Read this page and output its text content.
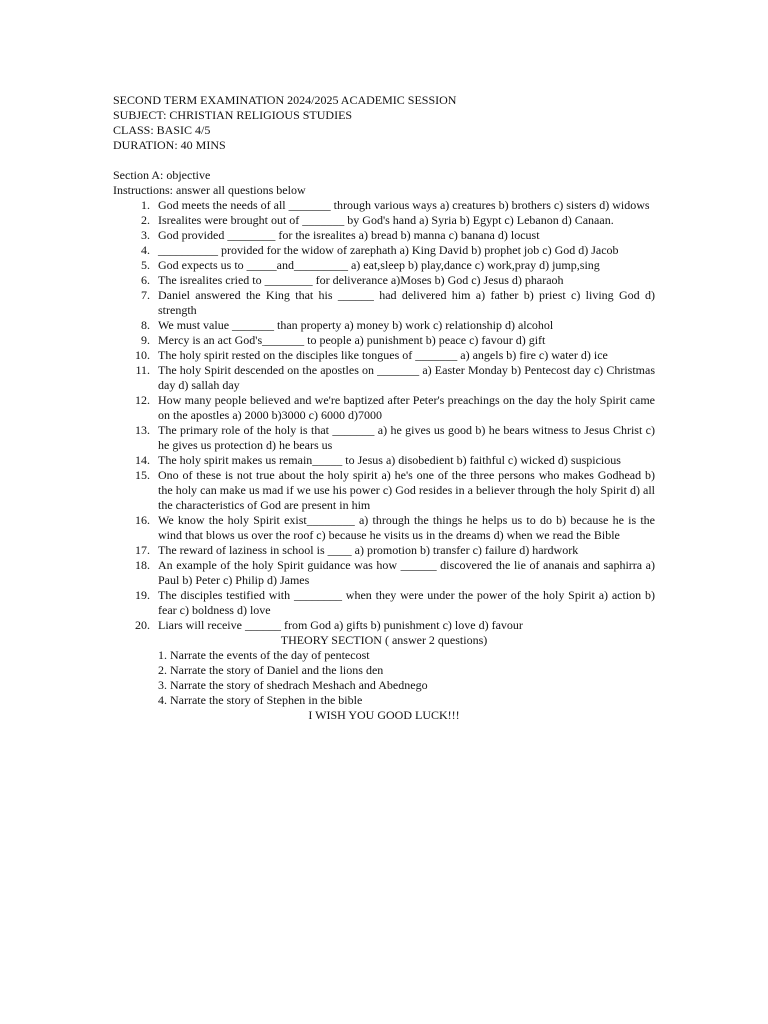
SECOND TERM EXAMINATION 2024/2025 ACADEMIC SESSION
SUBJECT: CHRISTIAN RELIGIOUS STUDIES
CLASS: BASIC 4/5
DURATION: 40 MINS
Section A: objective
Instructions: answer all questions below
1. God meets the needs of all _______ through various ways a) creatures b) brothers c) sisters d) widows
2. Isrealites were brought out of _______ by God's hand a) Syria b) Egypt c) Lebanon d) Canaan.
3. God provided ________ for the isrealites a) bread b) manna c) banana d) locust
4. __________ provided for the widow of zarephath a) King David b) prophet job c) God d) Jacob
5. God expects us to _____and_________ a) eat,sleep b) play,dance c) work,pray d) jump,sing
6. The isrealites cried to ________ for deliverance a)Moses b) God c) Jesus d) pharaoh
7. Daniel answered the King that his ______ had delivered him a) father b) priest c) living God d) strength
8. We must value _______ than property a) money b) work c) relationship d) alcohol
9. Mercy is an act God's_______ to people a) punishment b) peace c) favour d) gift
10. The holy spirit rested on the disciples like tongues of _______ a) angels b) fire c) water d) ice
11. The holy Spirit descended on the apostles on _______ a) Easter Monday b) Pentecost day c) Christmas day d) sallah day
12. How many people believed and we're baptized after Peter's preachings on the day the holy Spirit came on the apostles a) 2000 b)3000 c) 6000 d)7000
13. The primary role of the holy is that _______ a) he gives us good b) he bears witness to Jesus Christ c) he gives us protection d) he bears us
14. The holy spirit makes us remain_____ to Jesus a) disobedient b) faithful c) wicked d) suspicious
15. Ono of these is not true about the holy spirit a) he's one of the three persons who makes Godhead b) the holy can make us mad if we use his power c) God resides in a believer through the holy Spirit d) all the characteristics of God are present in him
16. We know the holy Spirit exist________ a) through the things he helps us to do b) because he is the wind that blows us over the roof c) because he visits us in the dreams d) when we read the Bible
17. The reward of laziness in school is ____ a) promotion b) transfer c) failure d) hardwork
18. An example of the holy Spirit guidance was how ______ discovered the lie of ananais and saphirra a) Paul b) Peter c) Philip d) James
19. The disciples testified with ________ when they were under the power of the holy Spirit a) action b) fear c) boldness d) love
20. Liars will receive ______ from God a) gifts b) punishment c) love d) favour
THEORY SECTION ( answer 2 questions)
1. Narrate the events of the day of pentecost
2. Narrate the story of Daniel and the lions den
3. Narrate the story of shedrach Meshach and Abednego
4. Narrate the story of Stephen in the bible
I WISH YOU GOOD LUCK!!!
